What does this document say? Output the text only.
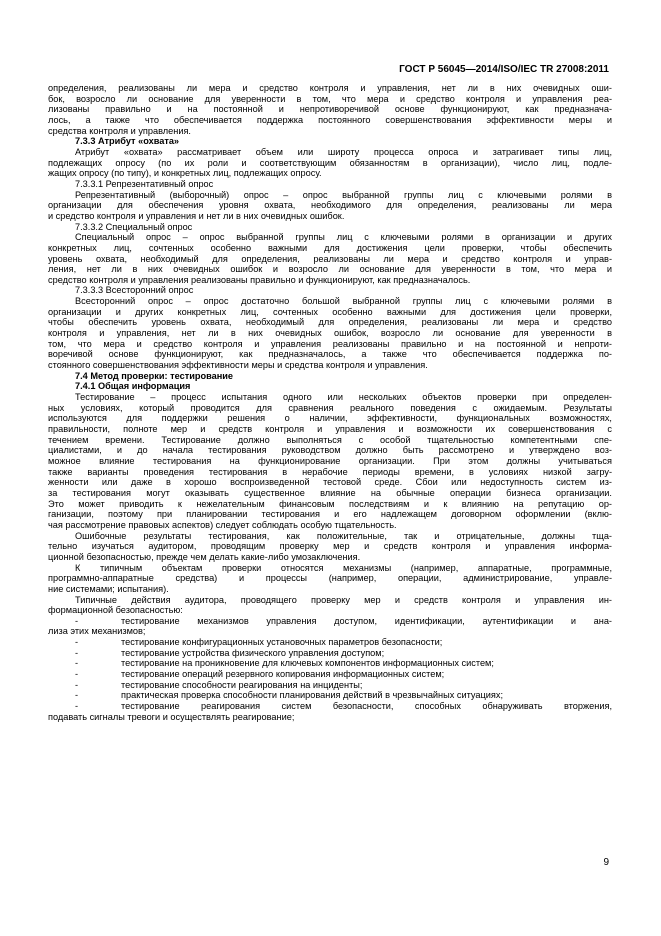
ГОСТ Р 56045—2014/ISO/IEC TR 27008:2011
определения, реализованы ли мера и средство контроля и управления, нет ли в них очевидных оши-
бок, возросло ли основание для уверенности в том, что мера и средство контроля и управления реа-
лизованы правильно и на постоянной и непротиворечивой основе функционируют, как предназнача-
лось, а также что обеспечивается поддержка постоянного совершенствования эффективности меры и
средства контроля и управления.
7.3.3 Атрибут «охвата»
Атрибут «охвата» рассматривает объем или широту процесса опроса и затрагивает типы лиц,
подлежащих опросу (по их роли и соответствующим обязанностям в организации), число лиц, подле-
жащих опросу (по типу), и конкретных лиц, подлежащих опросу.
7.3.3.1 Репрезентативный опрос
Репрезентативный (выборочный) опрос – опрос выбранной группы лиц с ключевыми ролями в
организации для обеспечения уровня охвата, необходимого для определения, реализованы ли мера
и средство контроля и управления и нет ли в них очевидных ошибок.
7.3.3.2 Специальный опрос
Специальный опрос – опрос выбранной группы лиц с ключевыми ролями в организации и других
конкретных лиц, сочтенных особенно важными для достижения цели проверки, чтобы обеспечить
уровень охвата, необходимый для определения, реализованы ли мера и средство контроля и управ-
ления, нет ли в них очевидных ошибок и возросло ли основание для уверенности в том, что мера и
средство контроля и управления реализованы правильно и функционируют, как предназначалось.
7.3.3.3 Всесторонний опрос
Всесторонний опрос – опрос достаточно большой выбранной группы лиц с ключевыми ролями в
организации и других конкретных лиц, сочтенных особенно важными для достижения цели проверки,
чтобы обеспечить уровень охвата, необходимый для определения, реализованы ли мера и средство
контроля и управления, нет ли в них очевидных ошибок, возросло ли основание для уверенности в
том, что мера и средство контроля и управления реализованы правильно и на постоянной и непроти-
воречивой основе функционируют, как предназначалось, а также что обеспечивается поддержка по-
стоянного совершенствования эффективности меры и средства контроля и управления.
7.4 Метод проверки: тестирование
7.4.1 Общая информация
Тестирование – процесс испытания одного или нескольких объектов проверки при определен-
ных условиях, который проводится для сравнения реального поведения с ожидаемым. Результаты
используются для поддержки решения о наличии, эффективности, функциональных возможностях,
правильности, полноте мер и средств контроля и управления и возможности их совершенствования с
течением времени. Тестирование должно выполняться с особой тщательностью компетентными спе-
циалистами, и до начала тестирования руководством должно быть рассмотрено и утверждено воз-
можное влияние тестирования на функционирование организации. При этом должны учитываться
также варианты проведения тестирования в нерабочие периоды времени, в условиях низкой загру-
женности или даже в хорошо воспроизведенной тестовой среде. Сбои или недоступность систем из-
за тестирования могут оказывать существенное влияние на обычные операции бизнеса организации.
Это может приводить к нежелательным финансовым последствиям и к влиянию на репутацию ор-
ганизации, поэтому при планировании тестирования и его надлежащем договорном оформлении (вклю-
чая рассмотрение правовых аспектов) следует соблюдать особую тщательность.
Ошибочные результаты тестирования, как положительные, так и отрицательные, должны тща-
тельно изучаться аудитором, проводящим проверку мер и средств контроля и управления информа-
ционной безопасностью, прежде чем делать какие-либо умозаключения.
К типичным объектам проверки относятся механизмы (например, аппаратные, программные,
программно-аппаратные средства) и процессы (например, операции, администрирование, управле-
ние системами; испытания).
Типичные действия аудитора, проводящего проверку мер и средств контроля и управления ин-
формационной безопасностью:
-	тестирование механизмов управления доступом, идентификации, аутентификации и ана-
лиза этих механизмов;
-	тестирование конфигурационных установочных параметров безопасности;
-	тестирование устройства физического управления доступом;
-	тестирование на проникновение для ключевых компонентов информационных систем;
-	тестирование операций резервного копирования информационных систем;
-	тестирование способности реагирования на инциденты;
-	практическая проверка способности планирования действий в чрезвычайных ситуациях;
-	тестирование реагирования систем безопасности, способных обнаруживать вторжения,
подавать сигналы тревоги и осуществлять реагирование;
9
